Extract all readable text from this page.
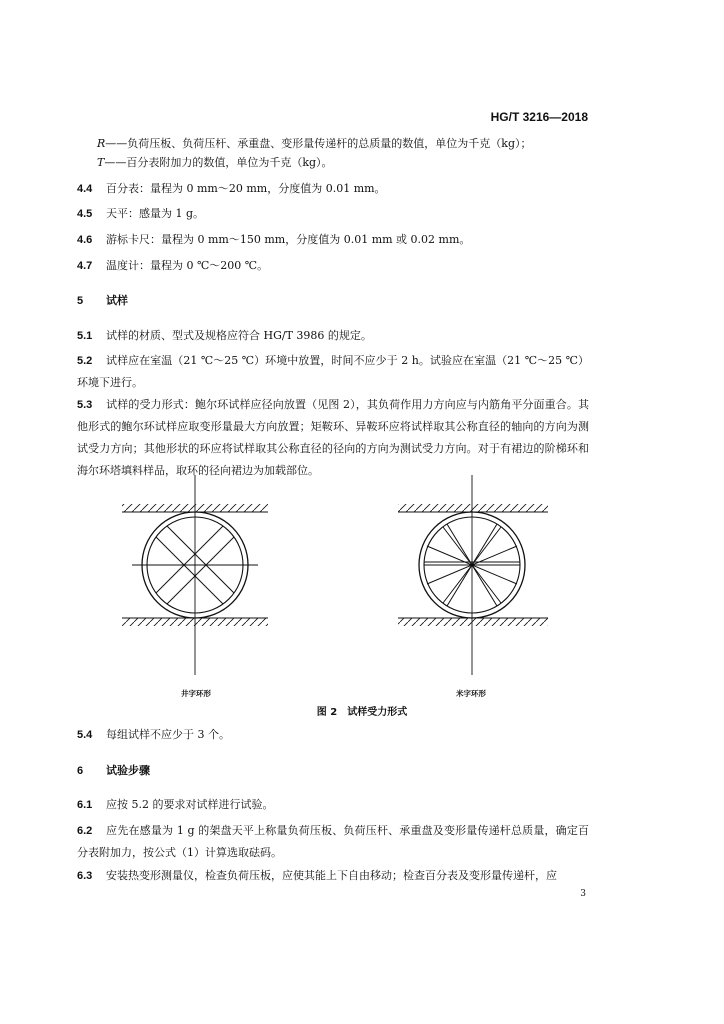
HG/T 3216—2018
R——负荷压板、负荷压杆、承重盘、变形量传递杆的总质量的数值，单位为千克（kg）；
T——百分表附加力的数值，单位为千克（kg）。
4.4 百分表：量程为 0 mm～20 mm，分度值为 0.01 mm。
4.5 天平：感量为 1 g。
4.6 游标卡尺：量程为 0 mm～150 mm，分度值为 0.01 mm 或 0.02 mm。
4.7 温度计：量程为 0 ℃～200 ℃。
5 试样
5.1 试样的材质、型式及规格应符合 HG/T 3986 的规定。
5.2 试样应在室温（21 ℃～25 ℃）环境中放置，时间不应少于 2 h。试验应在室温（21 ℃～25 ℃）环境下进行。
5.3 试样的受力形式：鲍尔环试样应径向放置（见图 2），其负荷作用力方向应与内筋角平分面重合。其他形式的鲍尔环试样应取变形量最大方向放置；矩鞍环、异鞍环应将试样取其公称直径的轴向的方向为测试受力方向；其他形状的环应将试样取其公称直径的径向的方向为测试受力方向。对于有裙边的阶梯环和海尔环塔填料样品，取环的径向裙边为加载部位。
井字环形	米字环形
图 2　试样受力形式
5.4 每组试样不应少于 3 个。
6 试验步骤
6.1 应按 5.2 的要求对试样进行试验。
6.2 应先在感量为 1 g 的架盘天平上称量负荷压板、负荷压杆、承重盘及变形量传递杆总质量，确定百分表附加力，按公式（1）计算选取砝码。
6.3 安装热变形测量仪，检查负荷压板，应使其能上下自由移动；检查百分表及变形量传递杆，应
3
